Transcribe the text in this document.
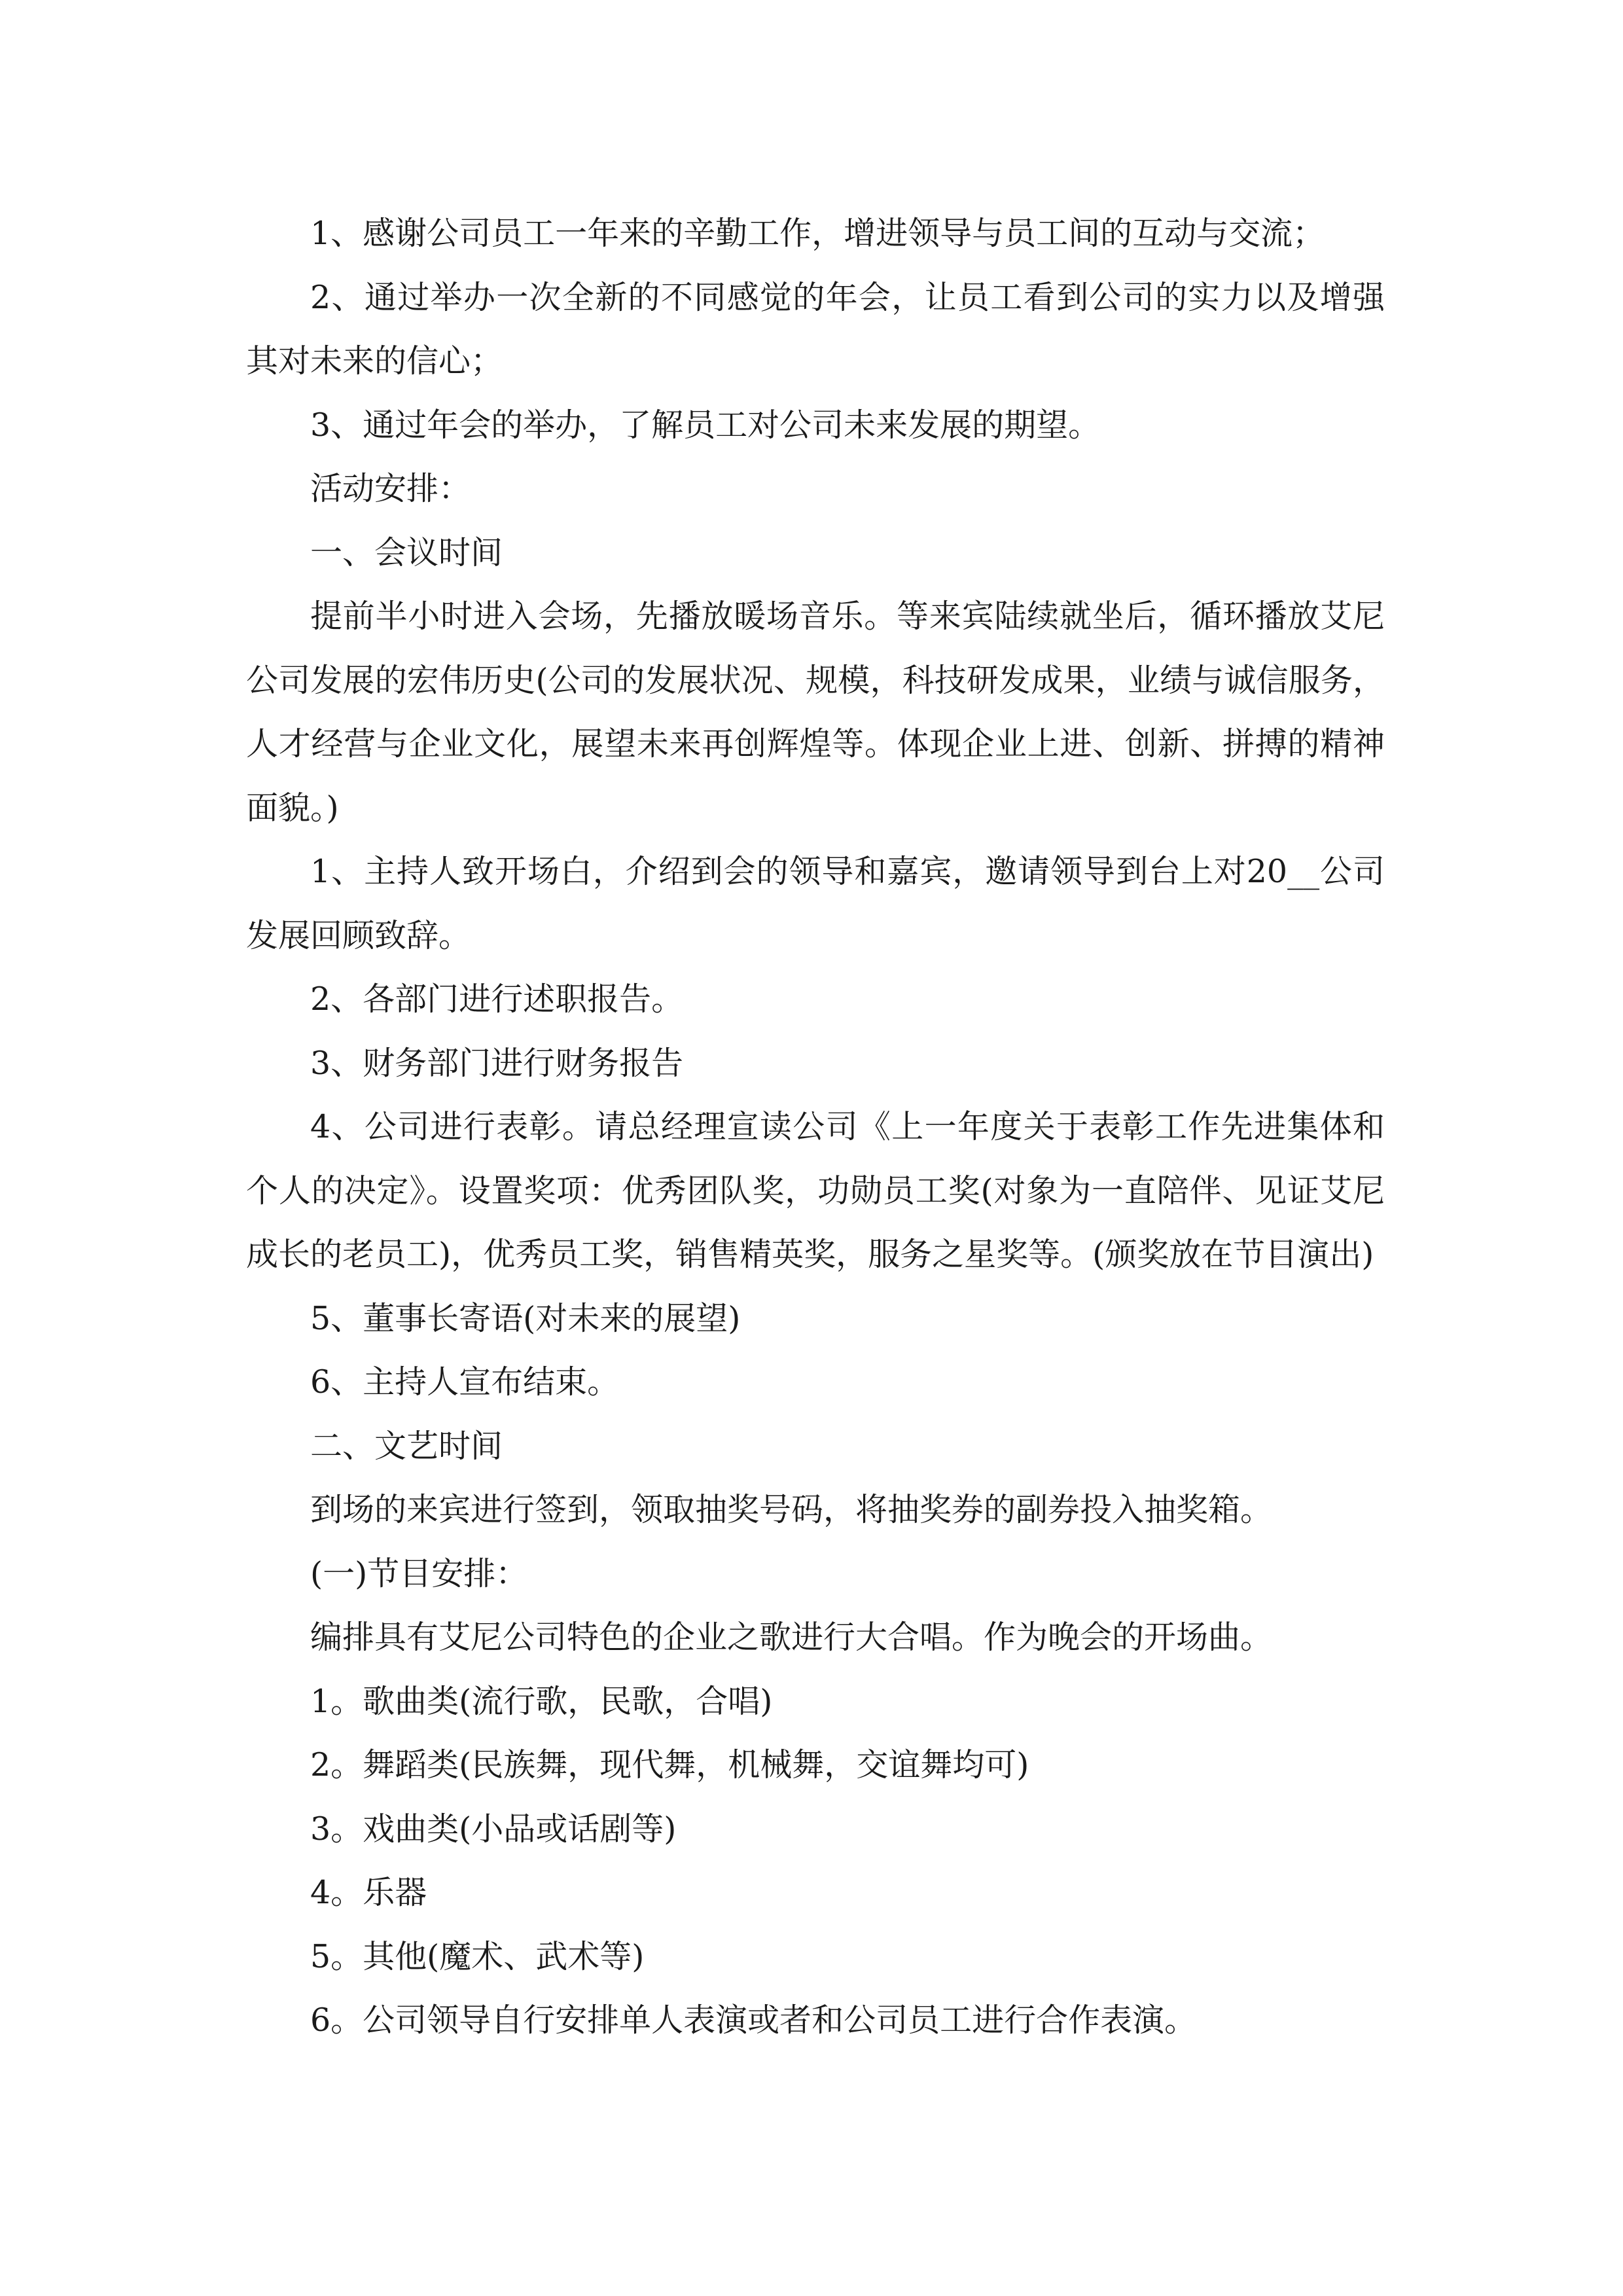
1、感谢公司员工一年来的辛勤工作，增进领导与员工间的互动与交流；

2、通过举办一次全新的不同感觉的年会，让员工看到公司的实力以及增强其对未来的信心；

3、通过年会的举办，了解员工对公司未来发展的期望。

活动安排：

一、会议时间

提前半小时进入会场，先播放暖场音乐。等来宾陆续就坐后，循环播放艾尼公司发展的宏伟历史(公司的发展状况、规模，科技研发成果，业绩与诚信服务，人才经营与企业文化，展望未来再创辉煌等。体现企业上进、创新、拼搏的精神面貌。)

1、主持人致开场白，介绍到会的领导和嘉宾，邀请领导到台上对20__公司发展回顾致辞。

2、各部门进行述职报告。

3、财务部门进行财务报告

4、公司进行表彰。请总经理宣读公司《上一年度关于表彰工作先进集体和个人的决定》。设置奖项：优秀团队奖，功勋员工奖(对象为一直陪伴、见证艾尼成长的老员工)，优秀员工奖，销售精英奖，服务之星奖等。(颁奖放在节目演出)

5、董事长寄语(对未来的展望)

6、主持人宣布结束。

二、文艺时间

到场的来宾进行签到，领取抽奖号码，将抽奖券的副券投入抽奖箱。

(一)节目安排：

编排具有艾尼公司特色的企业之歌进行大合唱。作为晚会的开场曲。

1。歌曲类(流行歌，民歌，合唱)

2。舞蹈类(民族舞，现代舞，机械舞，交谊舞均可)

3。戏曲类(小品或话剧等)

4。乐器

5。其他(魔术、武术等)

6。公司领导自行安排单人表演或者和公司员工进行合作表演。
